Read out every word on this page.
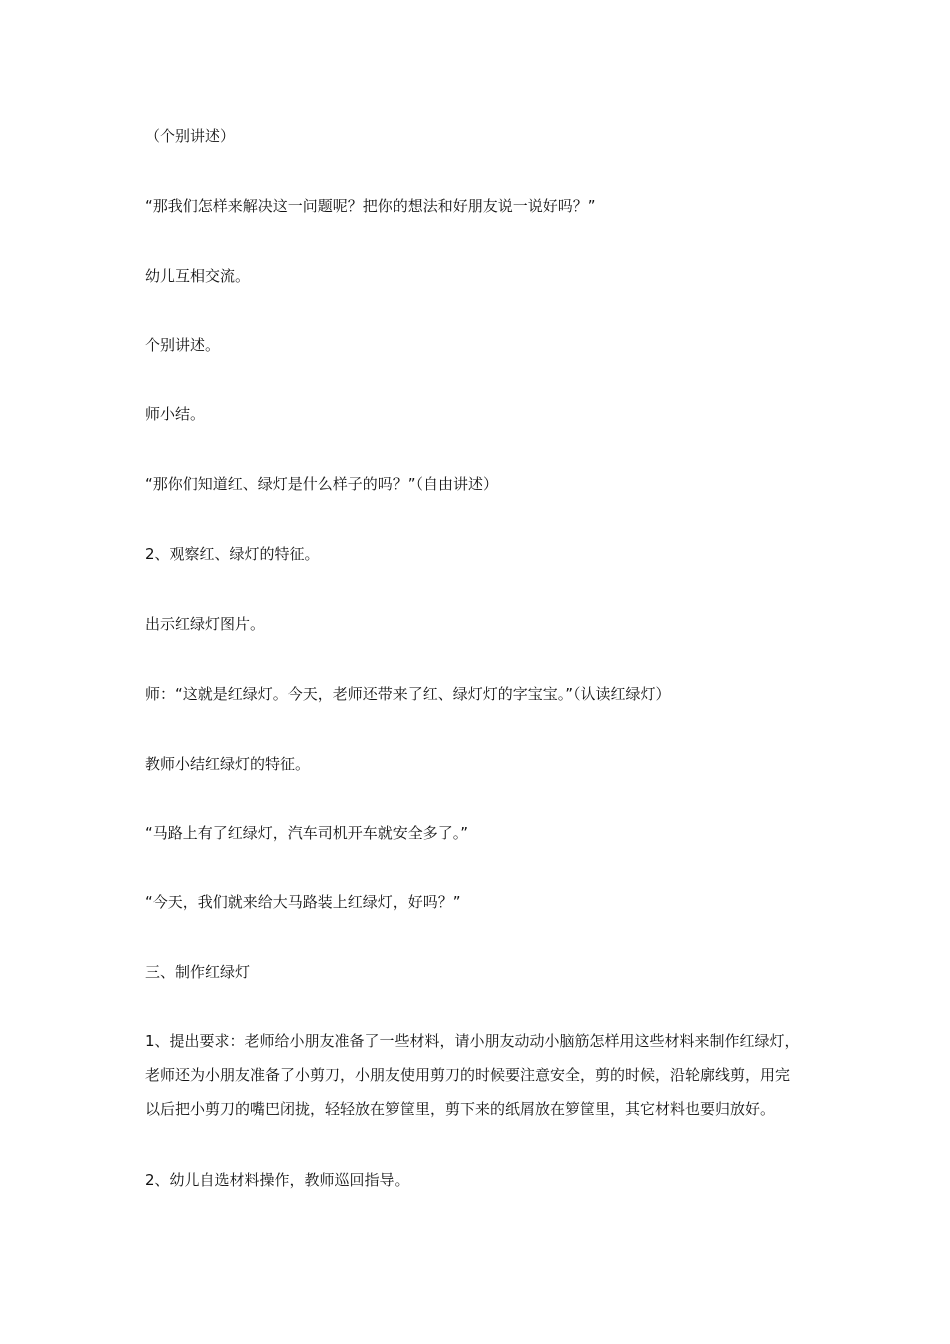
（个别讲述）
“那我们怎样来解决这一问题呢？把你的想法和好朋友说一说好吗？”
幼儿互相交流。
个别讲述。
师小结。
“那你们知道红、绿灯是什么样子的吗？”（自由讲述）
2、观察红、绿灯的特征。
出示红绿灯图片。
师：“这就是红绿灯。今天，老师还带来了红、绿灯灯的字宝宝。”（认读红绿灯）
教师小结红绿灯的特征。
“马路上有了红绿灯，汽车司机开车就安全多了。”
“今天，我们就来给大马路装上红绿灯，好吗？”
三、制作红绿灯
1、提出要求：老师给小朋友准备了一些材料，请小朋友动动小脑筋怎样用这些材料来制作红绿灯，
老师还为小朋友准备了小剪刀，小朋友使用剪刀的时候要注意安全，剪的时候，沿轮廓线剪，用完
以后把小剪刀的嘴巴闭拢，轻轻放在箩筐里，剪下来的纸屑放在箩筐里，其它材料也要归放好。
2、幼儿自选材料操作，教师巡回指导。
